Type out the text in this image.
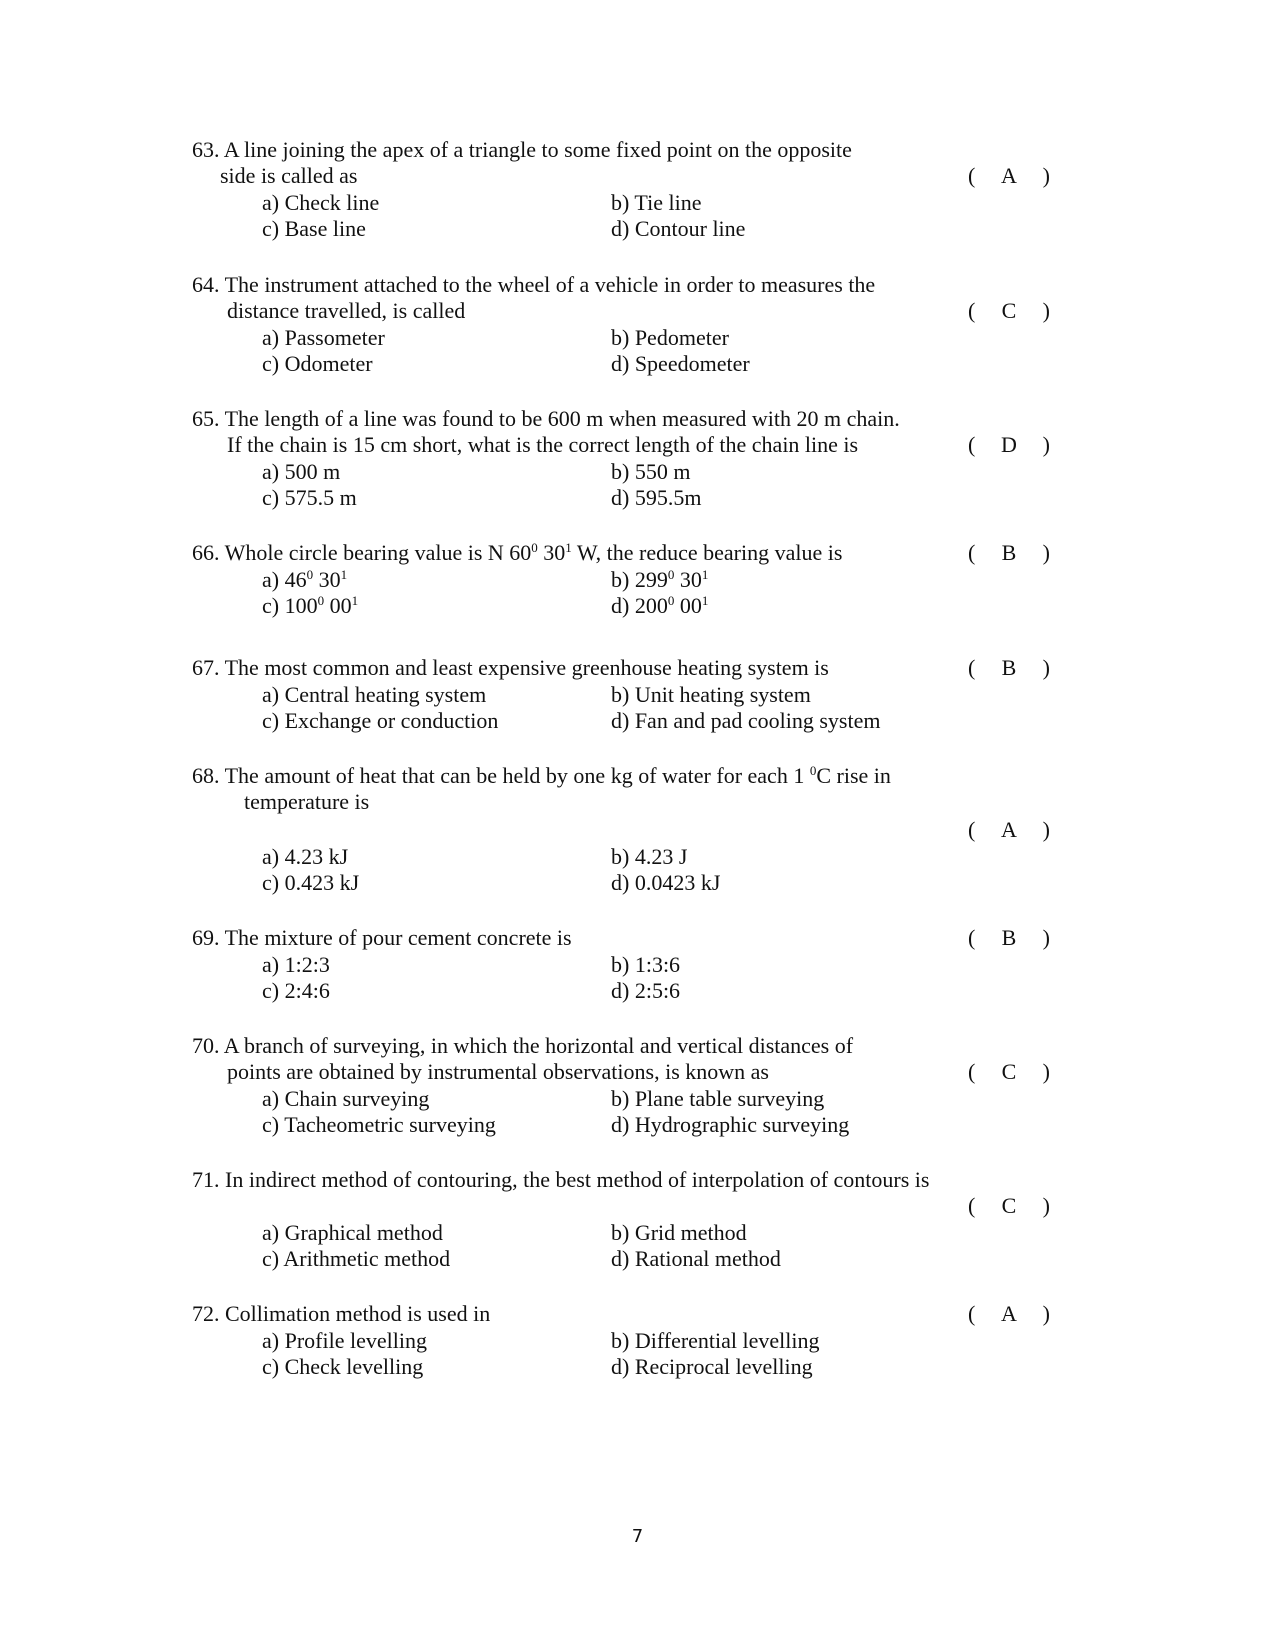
63. A line joining the apex of a triangle to some fixed point on the opposite
side is called as	(	A	)
a) Check line	b) Tie line
c) Base line	d) Contour line
64. The instrument attached to the wheel of a vehicle in order to measures the
distance travelled, is called	(	C	)
a) Passometer	b) Pedometer
c) Odometer	d) Speedometer
65. The length of a line was found to be 600 m when measured with 20 m chain.
If the chain is 15 cm short, what is the correct length of the chain line is	(	D	)
a) 500 m	b) 550 m
c) 575.5 m	d) 595.5m
66. Whole circle bearing value is N $60^0$ $30^1$ W, the reduce bearing value is	(	B	)
a) $46^0$ $30^1$	b) $299^0$ $30^1$
c) $100^0$ $00^1$	d) $200^0$ $00^1$
67. The most common and least expensive greenhouse heating system is	(	B	)
a) Central heating system	b) Unit heating system
c) Exchange or conduction	d) Fan and pad cooling system
68. The amount of heat that can be held by one kg of water for each 1 $^0$C rise in
temperature is
(	A	)
a) 4.23 kJ	b) 4.23 J
c) 0.423 kJ	d) 0.0423 kJ
69. The mixture of pour cement concrete is	(	B	)
a) 1:2:3	b) 1:3:6
c) 2:4:6	d) 2:5:6
70. A branch of surveying, in which the horizontal and vertical distances of
points are obtained by instrumental observations, is known as	(	C	)
a) Chain surveying	b) Plane table surveying
c) Tacheometric surveying	d) Hydrographic surveying
71. In indirect method of contouring, the best method of interpolation of contours is
(	C	)
a) Graphical method	b) Grid method
c) Arithmetic method	d) Rational method
72. Collimation method is used in	(	A	)
a) Profile levelling	b) Differential levelling
c) Check levelling	d) Reciprocal levelling
7
